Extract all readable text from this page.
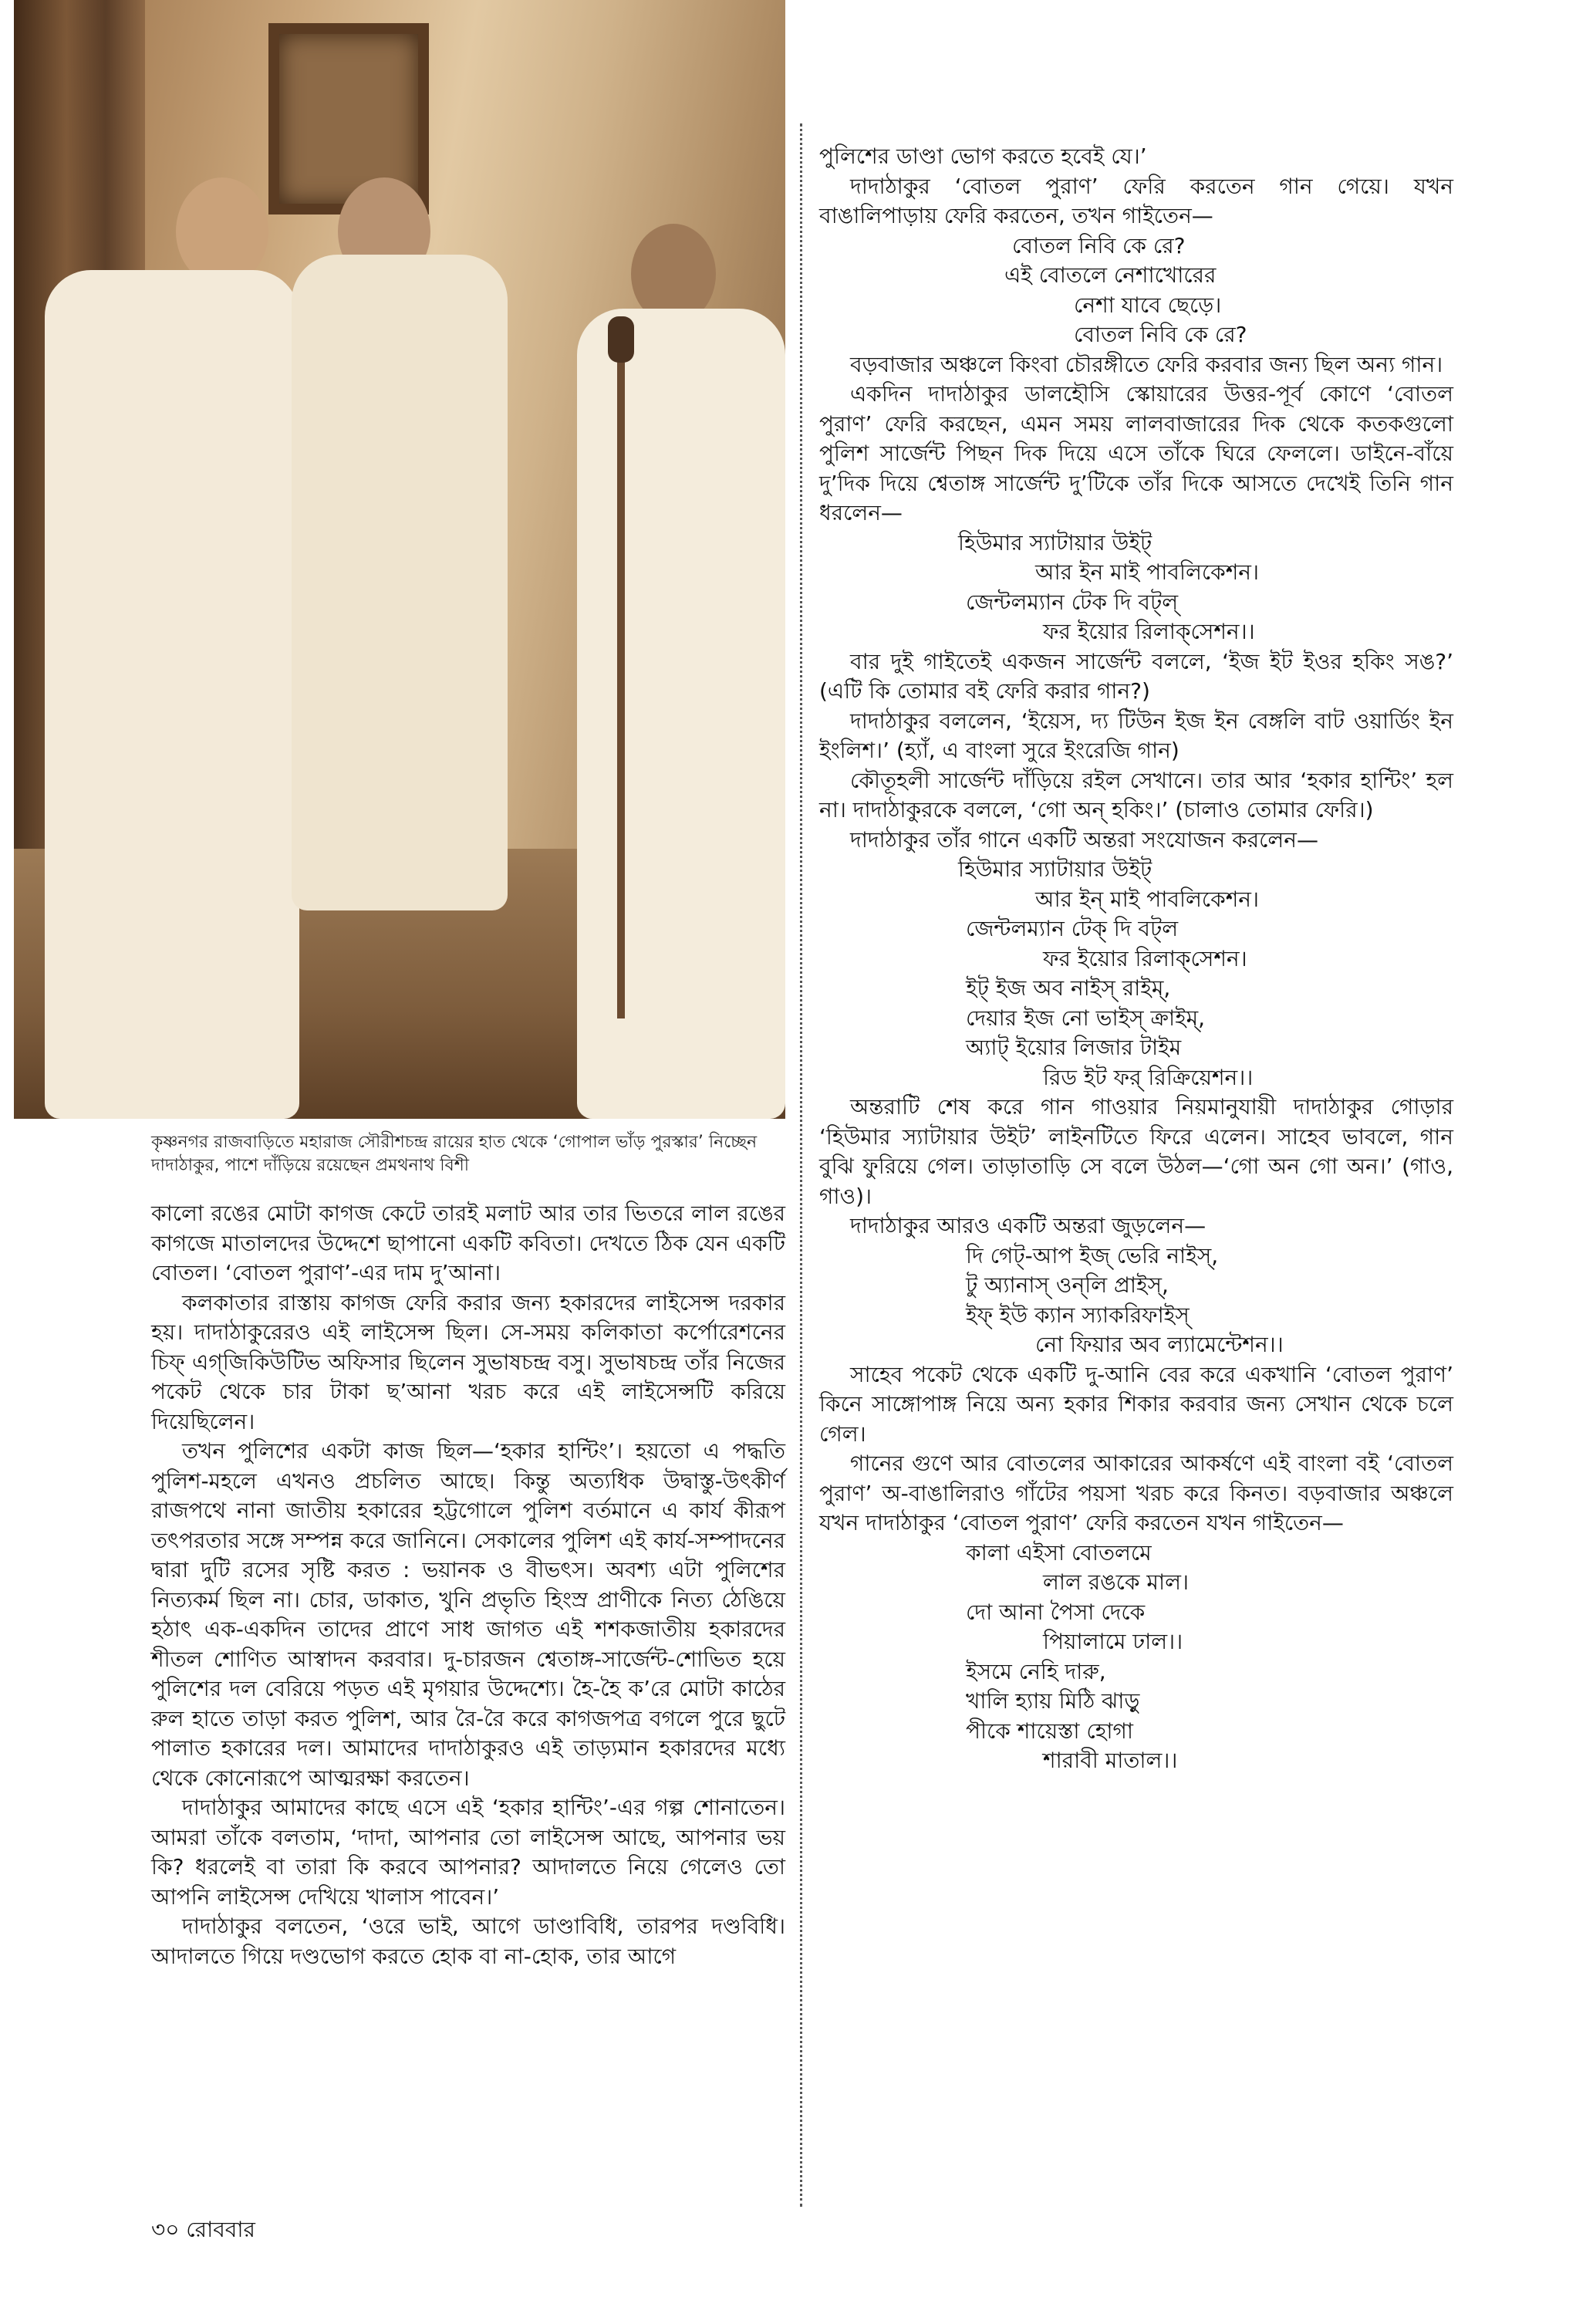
কৃষ্ণনগর রাজবাড়িতে মহারাজ সৌরীশচন্দ্র রায়ের হাত থেকে ‘গোপাল ভাঁড় পুরস্কার’ নিচ্ছেন দাদাঠাকুর, পাশে দাঁড়িয়ে রয়েছেন প্রমথনাথ বিশী

কালো রঙের মোটা কাগজ কেটে তারই মলাট আর তার ভিতরে লাল রঙের কাগজে মাতালদের উদ্দেশে ছাপানো একটি কবিতা। দেখতে ঠিক যেন একটি বোতল। ‘বোতল পুরাণ’-এর দাম দু’আনা।

কলকাতার রাস্তায় কাগজ ফেরি করার জন্য হকারদের লাইসেন্স দরকার হয়। দাদাঠাকুরেরও এই লাইসেন্স ছিল। সে-সময় কলিকাতা কর্পোরেশনের চিফ্ এগ্‌জিকিউটিভ অফিসার ছিলেন সুভাষচন্দ্র বসু। সুভাষচন্দ্র তাঁর নিজের পকেট থেকে চার টাকা ছ’আনা খরচ করে এই লাইসেন্সটি করিয়ে দিয়েছিলেন।

তখন পুলিশের একটা কাজ ছিল—‘হকার হান্টিং’। হয়তো এ পদ্ধতি পুলিশ-মহলে এখনও প্রচলিত আছে। কিন্তু অত্যধিক উদ্বাস্তু-উৎকীর্ণ রাজপথে নানা জাতীয় হকারের হট্টগোলে পুলিশ বর্তমানে এ কার্য কীরূপ তৎপরতার সঙ্গে সম্পন্ন করে জানিনে। সেকালের পুলিশ এই কার্য-সম্পাদনের দ্বারা দুটি রসের সৃষ্টি করত : ভয়ানক ও বীভৎস। অবশ্য এটা পুলিশের নিত্যকর্ম ছিল না। চোর, ডাকাত, খুনি প্রভৃতি হিংস্র প্রাণীকে নিত্য ঠেঙিয়ে হঠাৎ এক-একদিন তাদের প্রাণে সাধ জাগত এই শশকজাতীয় হকারদের শীতল শোণিত আস্বাদন করবার। দু-চারজন শ্বেতাঙ্গ-সার্জেন্ট-শোভিত হয়ে পুলিশের দল বেরিয়ে পড়ত এই মৃগয়ার উদ্দেশ্যে। হৈ-হৈ ক’রে মোটা কাঠের রুল হাতে তাড়া করত পুলিশ, আর রৈ-রৈ করে কাগজপত্র বগলে পুরে ছুটে পালাত হকারের দল। আমাদের দাদাঠাকুরও এই তাড়্যমান হকারদের মধ্যে থেকে কোনোরূপে আত্মরক্ষা করতেন।

দাদাঠাকুর আমাদের কাছে এসে এই ‘হকার হান্টিং’-এর গল্প শোনাতেন। আমরা তাঁকে বলতাম, ‘দাদা, আপনার তো লাইসেন্স আছে, আপনার ভয় কি? ধরলেই বা তারা কি করবে আপনার? আদালতে নিয়ে গেলেও তো আপনি লাইসেন্স দেখিয়ে খালাস পাবেন।’

দাদাঠাকুর বলতেন, ‘ওরে ভাই, আগে ডাণ্ডাবিধি, তারপর দণ্ডবিধি। আদালতে গিয়ে দণ্ডভোগ করতে হোক বা না-হোক, তার আগে

পুলিশের ডাণ্ডা ভোগ করতে হবেই যে।’

দাদাঠাকুর ‘বোতল পুরাণ’ ফেরি করতেন গান গেয়ে। যখন বাঙালিপাড়ায় ফেরি করতেন, তখন গাইতেন—

বোতল নিবি কে রে?

এই বোতলে নেশাখোরের

নেশা যাবে ছেড়ে।

বোতল নিবি কে রে?

বড়বাজার অঞ্চলে কিংবা চৌরঙ্গীতে ফেরি করবার জন্য ছিল অন্য গান।

একদিন দাদাঠাকুর ডালহৌসি স্কোয়ারের উত্তর-পূর্ব কোণে ‘বোতল পুরাণ’ ফেরি করছেন, এমন সময় লালবাজারের দিক থেকে কতকগুলো পুলিশ সার্জেন্ট পিছন দিক দিয়ে এসে তাঁকে ঘিরে ফেললে। ডাইনে-বাঁয়ে দু’দিক দিয়ে শ্বেতাঙ্গ সার্জেন্ট দু’টিকে তাঁর দিকে আসতে দেখেই তিনি গান ধরলেন—

হিউমার স্যাটায়ার উইট্

আর ইন মাই পাবলিকেশন।

জেন্টলম্যান টেক দি বট্‌ল্

ফর ইয়োর রিলাক্‌সেশন।।

বার দুই গাইতেই একজন সার্জেন্ট বললে, ‘ইজ ইট ইওর হকিং সঙ?’ (এটি কি তোমার বই ফেরি করার গান?)

দাদাঠাকুর বললেন, ‘ইয়েস, দ্য টিউন ইজ ইন বেঙ্গলি বাট ওয়ার্ডিং ইন ইংলিশ।’ (হ্যাঁ, এ বাংলা সুরে ইংরেজি গান)

কৌতূহলী সার্জেন্ট দাঁড়িয়ে রইল সেখানে। তার আর ‘হকার হান্টিং’ হল না। দাদাঠাকুরকে বললে, ‘গো অন্ হকিং।’ (চালাও তোমার ফেরি।)

দাদাঠাকুর তাঁর গানে একটি অন্তরা সংযোজন করলেন—

হিউমার স্যাটায়ার উইট্

আর ইন্ মাই পাবলিকেশন।

জেন্টলম্যান টেক্ দি বট্‌ল

ফর ইয়োর রিলাক্‌সেশন।

ইট্ ইজ অব নাইস্ রাইম্,

দেয়ার ইজ নো ভাইস্ ক্রাইম্,

অ্যাট্ ইয়োর লিজার টাইম

রিড ইট ফর্ রিক্রিয়েশন।।

অন্তরাটি শেষ করে গান গাওয়ার নিয়মানুযায়ী দাদাঠাকুর গোড়ার ‘হিউমার স্যাটায়ার উইট’ লাইনটিতে ফিরে এলেন। সাহেব ভাবলে, গান বুঝি ফুরিয়ে গেল। তাড়াতাড়ি সে বলে উঠল—‘গো অন গো অন।’ (গাও, গাও)।

দাদাঠাকুর আরও একটি অন্তরা জুড়লেন—

দি গেট্-আপ ইজ্ ভেরি নাইস্,

টু অ্যানাস্ ওন্‌লি প্রাইস্,

ইফ্ ইউ ক্যান স্যাকরিফাইস্

নো ফিয়ার অব ল্যামেন্টেশন।।

সাহেব পকেট থেকে একটি দু-আনি বের করে একখানি ‘বোতল পুরাণ’ কিনে সাঙ্গোপাঙ্গ নিয়ে অন্য হকার শিকার করবার জন্য সেখান থেকে চলে গেল।

গানের গুণে আর বোতলের আকারের আকর্ষণে এই বাংলা বই ‘বোতল পুরাণ’ অ-বাঙালিরাও গাঁটের পয়সা খরচ করে কিনত। বড়বাজার অঞ্চলে যখন দাদাঠাকুর ‘বোতল পুরাণ’ ফেরি করতেন যখন গাইতেন—

কালা এইসা বোতলমে

লাল রঙকে মাল।

দো আনা পৈসা দেকে

পিয়ালামে ঢাল।।

ইসমে নেহি দারু,

খালি হ্যায় মিঠি ঝাড়ু

পীকে শায়েস্তা হোগা

শারাবী মাতাল।।

৩০ রোববার
